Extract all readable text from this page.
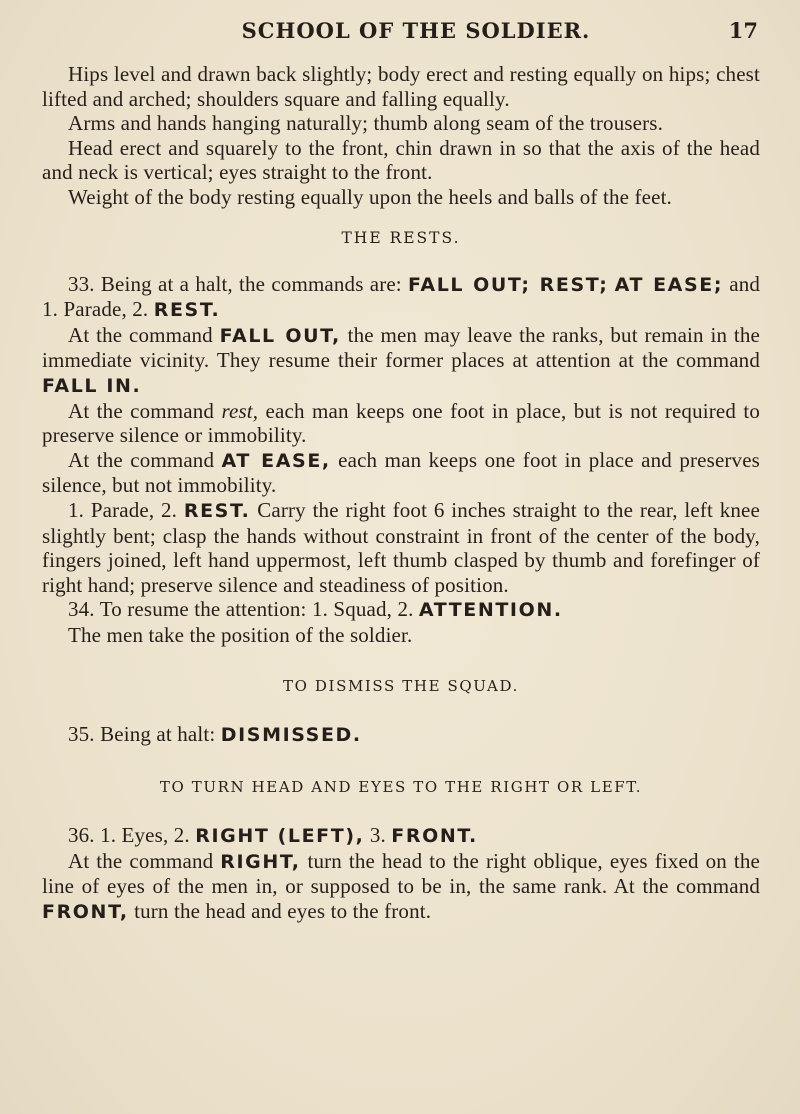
SCHOOL OF THE SOLDIER.	17

Hips level and drawn back slightly; body erect and resting equally on hips; chest lifted and arched; shoulders square and falling equally.

Arms and hands hanging naturally; thumb along seam of the trousers.

Head erect and squarely to the front, chin drawn in so that the axis of the head and neck is vertical; eyes straight to the front.

Weight of the body resting equally upon the heels and balls of the feet.

THE RESTS.

33. Being at a halt, the commands are: FALL OUT; REST; AT EASE; and 1. Parade, 2. REST.

At the command FALL OUT, the men may leave the ranks, but remain in the immediate vicinity. They resume their former places at attention at the command FALL IN.

At the command rest, each man keeps one foot in place, but is not required to preserve silence or immobility.

At the command AT EASE, each man keeps one foot in place and preserves silence, but not immobility.

1. Parade, 2. REST. Carry the right foot 6 inches straight to the rear, left knee slightly bent; clasp the hands without constraint in front of the center of the body, fingers joined, left hand uppermost, left thumb clasped by thumb and forefinger of right hand; preserve silence and steadiness of position.

34. To resume the attention: 1. Squad, 2. ATTENTION.

The men take the position of the soldier.

TO DISMISS THE SQUAD.

35. Being at halt: DISMISSED.

TO TURN HEAD AND EYES TO THE RIGHT OR LEFT.

36. 1. Eyes, 2. RIGHT (LEFT), 3. FRONT.

At the command RIGHT, turn the head to the right oblique, eyes fixed on the line of eyes of the men in, or supposed to be in, the same rank. At the command FRONT, turn the head and eyes to the front.
